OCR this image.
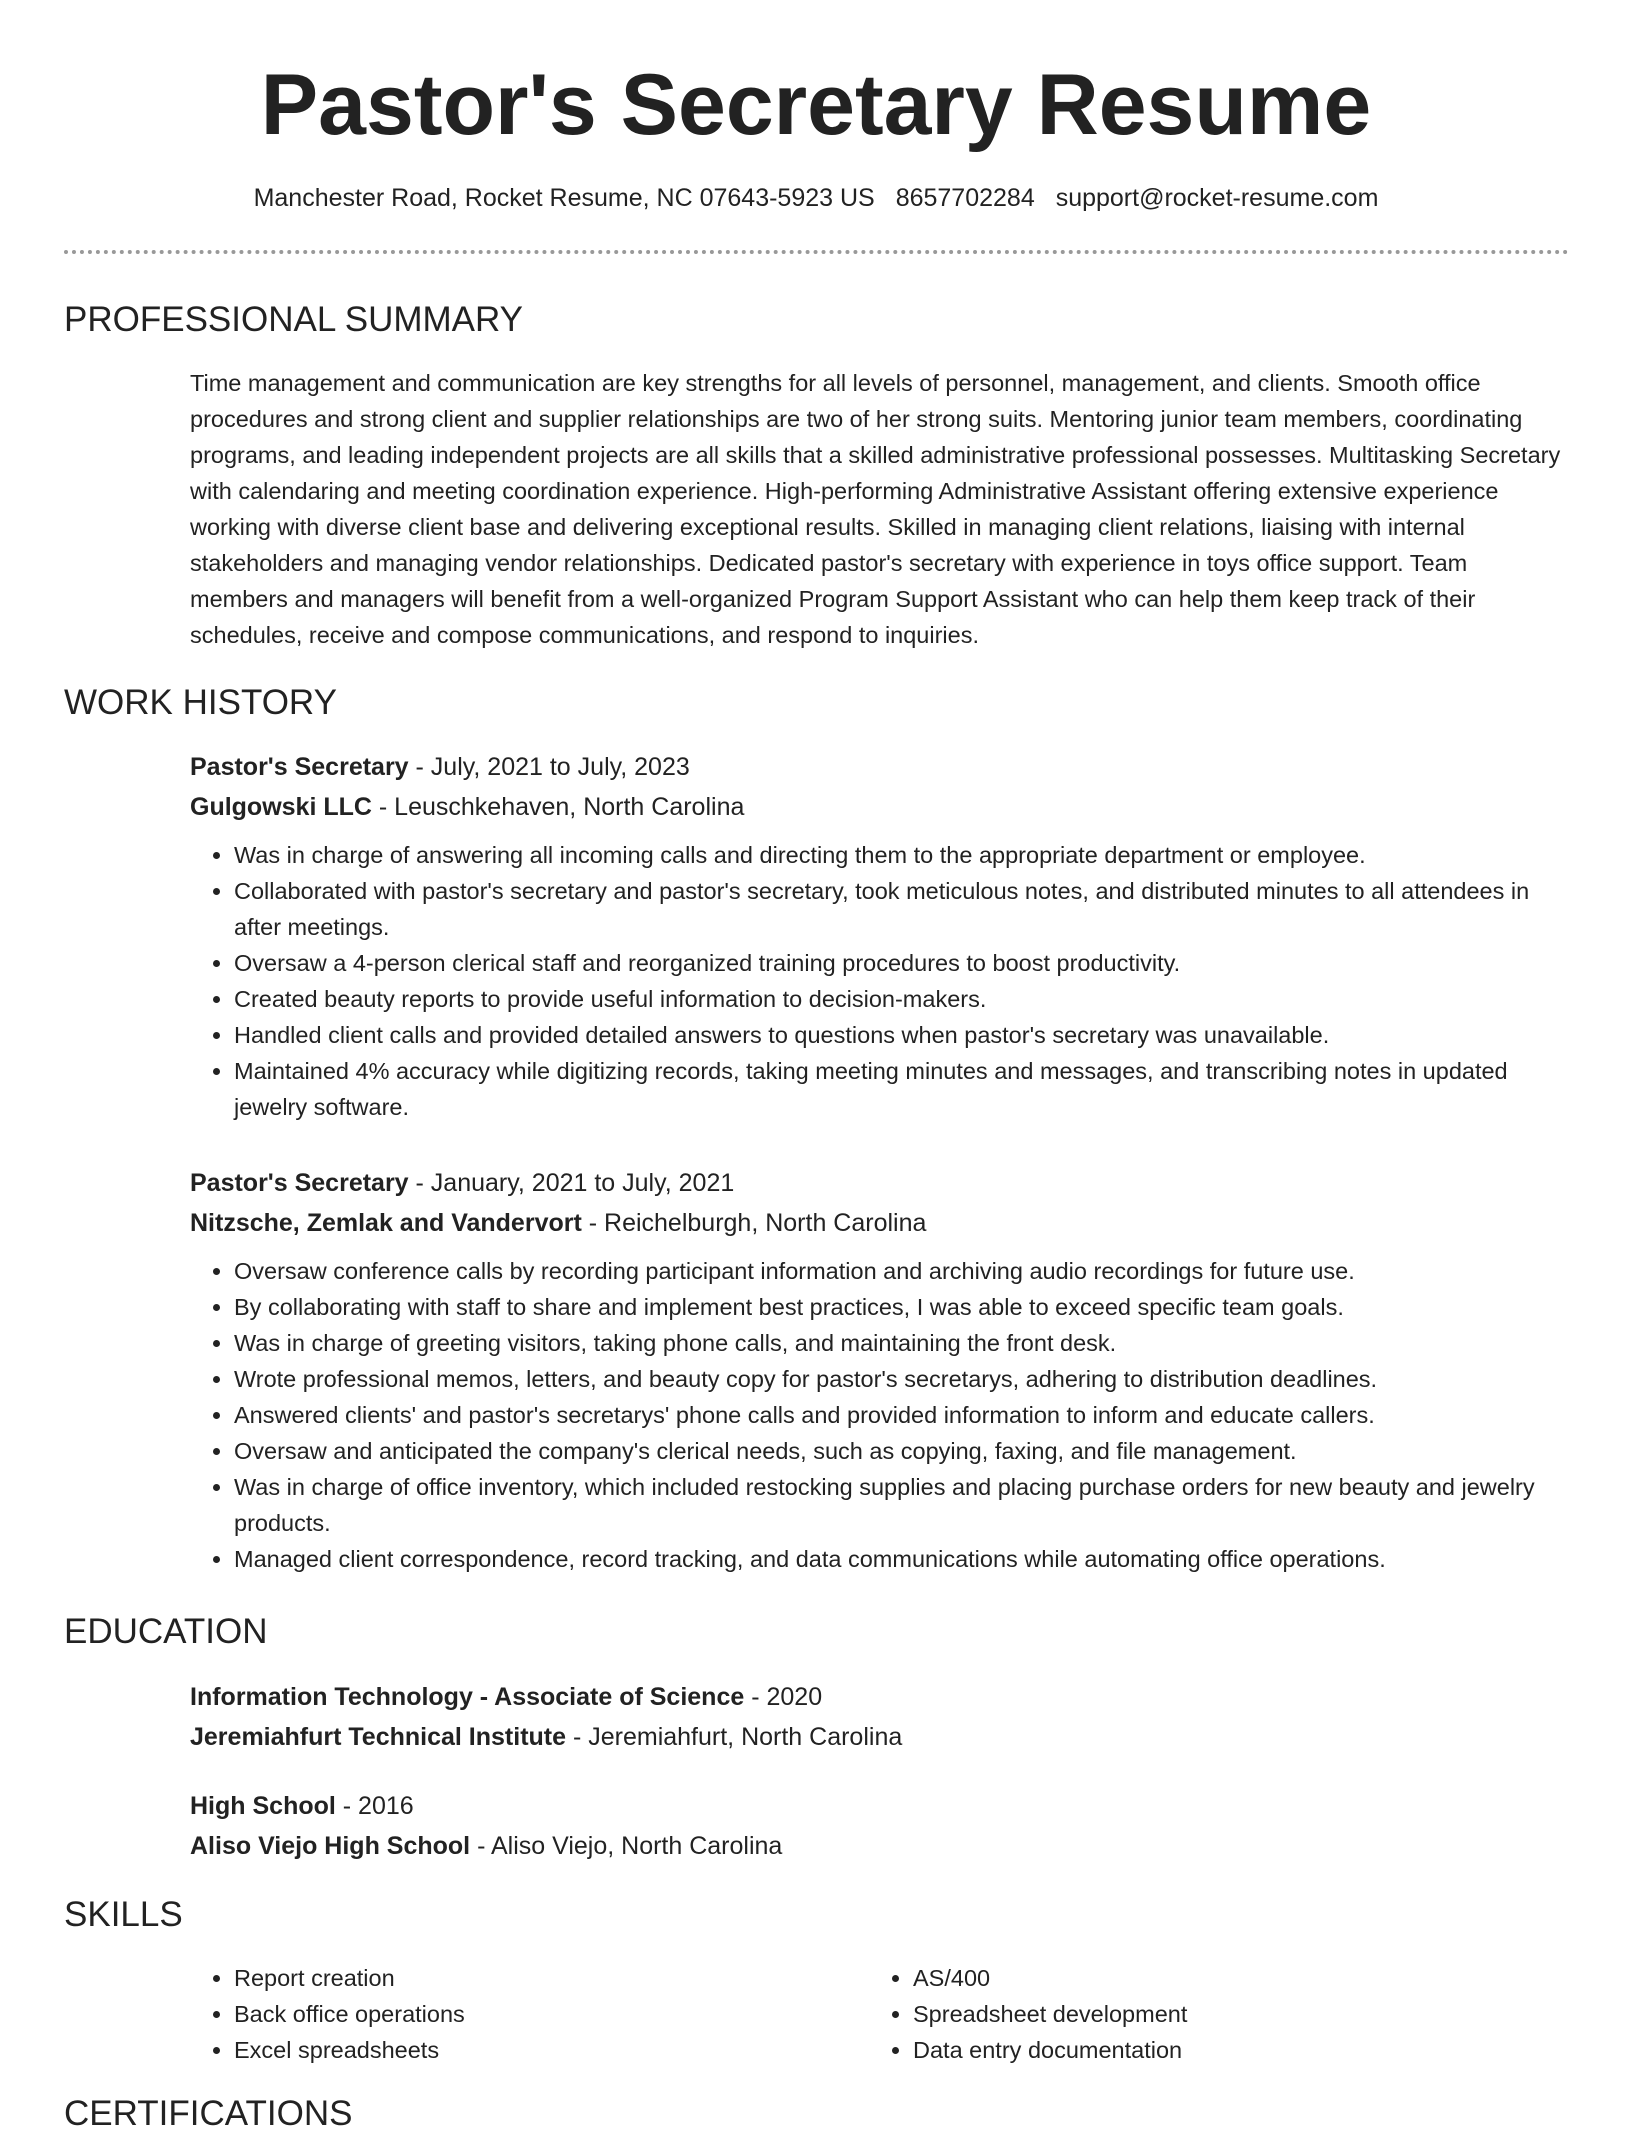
Pastor's Secretary Resume
Manchester Road, Rocket Resume, NC 07643-5923 US 8657702284 support@rocket-resume.com
PROFESSIONAL SUMMARY
Time management and communication are key strengths for all levels of personnel, management, and clients. Smooth office procedures and strong client and supplier relationships are two of her strong suits. Mentoring junior team members, coordinating programs, and leading independent projects are all skills that a skilled administrative professional possesses. Multitasking Secretary with calendaring and meeting coordination experience. High-performing Administrative Assistant offering extensive experience working with diverse client base and delivering exceptional results. Skilled in managing client relations, liaising with internal stakeholders and managing vendor relationships. Dedicated pastor's secretary with experience in toys office support. Team members and managers will benefit from a well-organized Program Support Assistant who can help them keep track of their schedules, receive and compose communications, and respond to inquiries.
WORK HISTORY
Pastor's Secretary - July, 2021 to July, 2023
Gulgowski LLC - Leuschkehaven, North Carolina
• Was in charge of answering all incoming calls and directing them to the appropriate department or employee.
• Collaborated with pastor's secretary and pastor's secretary, took meticulous notes, and distributed minutes to all attendees in after meetings.
• Oversaw a 4-person clerical staff and reorganized training procedures to boost productivity.
• Created beauty reports to provide useful information to decision-makers.
• Handled client calls and provided detailed answers to questions when pastor's secretary was unavailable.
• Maintained 4% accuracy while digitizing records, taking meeting minutes and messages, and transcribing notes in updated jewelry software.
Pastor's Secretary - January, 2021 to July, 2021
Nitzsche, Zemlak and Vandervort - Reichelburgh, North Carolina
• Oversaw conference calls by recording participant information and archiving audio recordings for future use.
• By collaborating with staff to share and implement best practices, I was able to exceed specific team goals.
• Was in charge of greeting visitors, taking phone calls, and maintaining the front desk.
• Wrote professional memos, letters, and beauty copy for pastor's secretarys, adhering to distribution deadlines.
• Answered clients' and pastor's secretarys' phone calls and provided information to inform and educate callers.
• Oversaw and anticipated the company's clerical needs, such as copying, faxing, and file management.
• Was in charge of office inventory, which included restocking supplies and placing purchase orders for new beauty and jewelry products.
• Managed client correspondence, record tracking, and data communications while automating office operations.
EDUCATION
Information Technology - Associate of Science - 2020
Jeremiahfurt Technical Institute - Jeremiahfurt, North Carolina
High School - 2016
Aliso Viejo High School - Aliso Viejo, North Carolina
SKILLS
• Report creation
• Back office operations
• Excel spreadsheets
• AS/400
• Spreadsheet development
• Data entry documentation
CERTIFICATIONS
